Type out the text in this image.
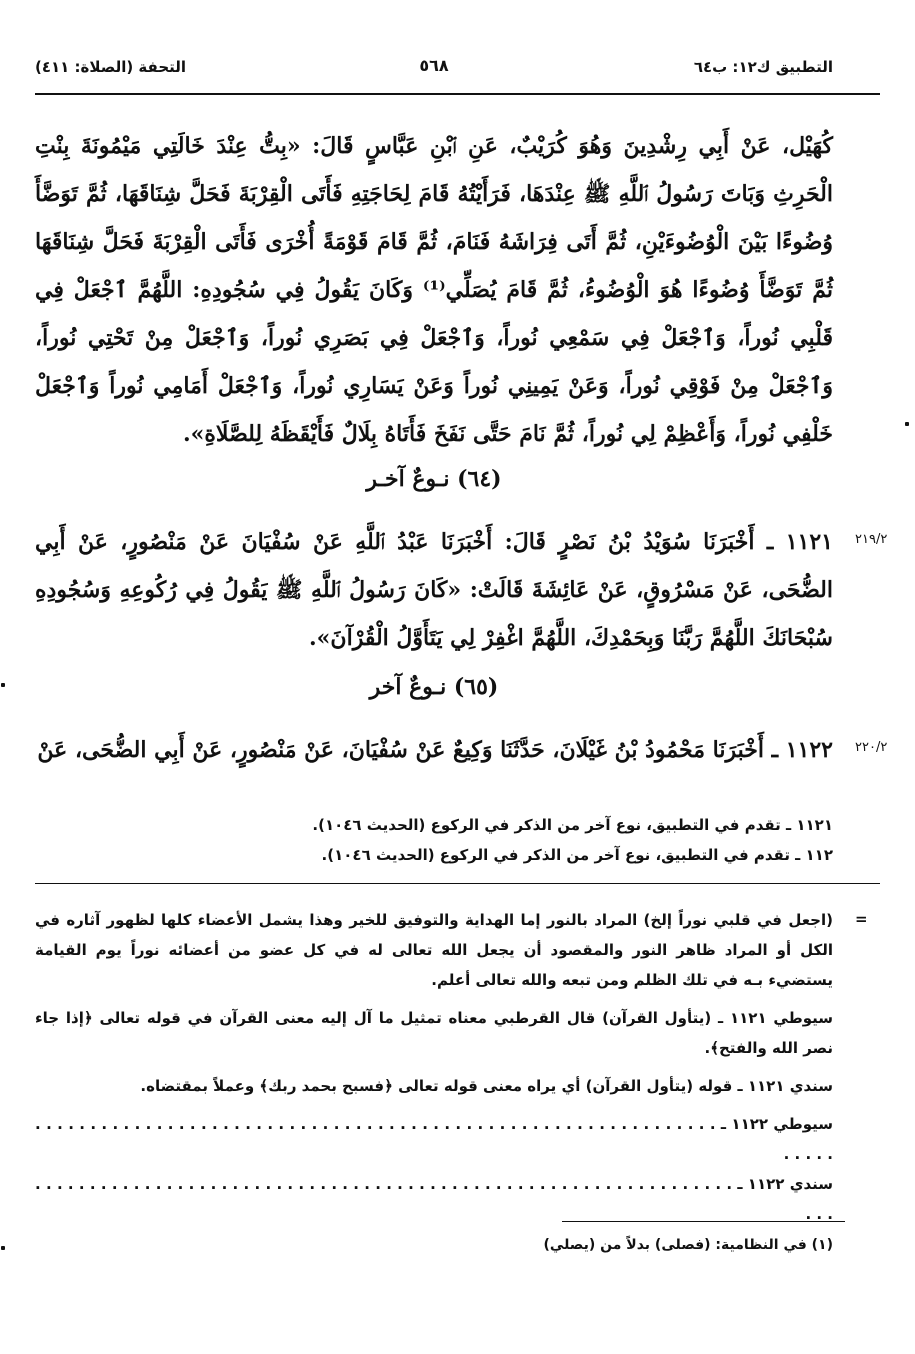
التطبيق ك١٢: ب٦٤
٥٦٨
التحفة (الصلاة: ٤١١)
كُهَيْل، عَنْ أَبِي رِشْدِينَ وَهُوَ كُرَيْبٌ، عَنِ ٱبْنِ عَبَّاسٍ قَالَ: «بِتُّ عِنْدَ خَالَتِي مَيْمُونَةَ بِنْتِ الْحَرِثِ وَبَاتَ رَسُولُ ٱللَّهِ ﷺ عِنْدَهَا، فَرَأَيْتُهُ قَامَ لِحَاجَتِهِ فَأَتَى الْقِرْبَةَ فَحَلَّ شِنَاقَهَا، ثُمَّ تَوَضَّأَ وُضُوءًا بَيْنَ الْوُضُوءَيْنِ، ثُمَّ أَتَى فِرَاشَهُ فَنَامَ، ثُمَّ قَامَ قَوْمَةً أُخْرَى فَأَتَى الْقِرْبَةَ فَحَلَّ شِنَاقَهَا ثُمَّ تَوَضَّأَ وُضُوءًا هُوَ الْوُضُوءُ، ثُمَّ قَامَ يُصَلِّي⁽¹⁾ وَكَانَ يَقُولُ فِي سُجُودِهِ: اللَّهُمَّ ٱجْعَلْ فِي قَلْبِي نُوراً، وَٱجْعَلْ فِي سَمْعِي نُوراً، وَٱجْعَلْ فِي بَصَرِي نُوراً، وَٱجْعَلْ مِنْ تَحْتِي نُوراً، وَٱجْعَلْ مِنْ فَوْقِي نُوراً، وَعَنْ يَمِينِي نُوراً وَعَنْ يَسَارِي نُوراً، وَٱجْعَلْ أَمَامِي نُوراً وَٱجْعَلْ خَلْفِي نُوراً، وَأَعْظِمْ لِي نُوراً، ثُمَّ نَامَ حَتَّى نَفَخَ فَأَتَاهُ بِلَالٌ فَأَيْقَظَهُ لِلصَّلَاةِ».
(٦٤) نـوعٌ آخـر
٢١٩/٢
١١٢١ ـ أَخْبَرَنَا سُوَيْدُ بْنُ نَصْرٍ قَالَ: أَخْبَرَنَا عَبْدُ ٱللَّهِ عَنْ سُفْيَانَ عَنْ مَنْصُورٍ، عَنْ أَبِي الضُّحَى، عَنْ مَسْرُوقٍ، عَنْ عَائِشَةَ قَالَتْ: «كَانَ رَسُولُ ٱللَّهِ ﷺ يَقُولُ فِي رُكُوعِهِ وَسُجُودِهِ سُبْحَانَكَ اللَّهُمَّ رَبَّنَا وَبِحَمْدِكَ، اللَّهُمَّ اغْفِرْ لِي يَتَأَوَّلُ الْقُرْآنَ».
(٦٥) نـوعٌ آخر
٢٢٠/٢
١١٢٢ ـ أَخْبَرَنَا مَحْمُودُ بْنُ غَيْلَانَ، حَدَّثَنَا وَكِيعٌ عَنْ سُفْيَانَ، عَنْ مَنْصُورٍ، عَنْ أَبِي الضُّحَى، عَنْ
١١٢١ ـ تقدم في التطبيق، نوع آخر من الذكر في الركوع (الحديث ١٠٤٦).
١١٢ ـ تقدم في التطبيق، نوع آخر من الذكر في الركوع (الحديث ١٠٤٦).
=

(اجعل في قلبي نوراً إلخ) المراد بالنور إما الهداية والتوفيق للخير وهذا يشمل الأعضاء كلها لظهور آثاره في الكل أو المراد ظاهر النور والمقصود أن يجعل الله تعالى له في كل عضو من أعضائه نوراً يوم القيامة يستضيء بـه في تلك الظلم ومن تبعه والله تعالى أعلم.

سيوطي ١١٢١ ـ (يتأول القرآن) قال القرطبي معناه تمثيل ما آل إليه معنى القرآن في قوله تعالى ﴿إذا جاء نصر الله والفتح﴾.

سندي ١١٢١ ـ قوله (يتأول القرآن) أي يراه معنى قوله تعالى ﴿فسبح بحمد ربك﴾ وعملاً بمقتضاه.

سيوطي ١١٢٢ ـ . . . . . . . . . . . . . . . . . . . . . . . . . . . . . . . . . . . . . . . . . . . . . . . . . . . . . . . . . . . . . . . . . . .
سندي ١١٢٢ ـ . . . . . . . . . . . . . . . . . . . . . . . . . . . . . . . . . . . . . . . . . . . . . . . . . . . . . . . . . . . . . . . . . . .
(١) في النظامية: (فصلى) بدلاً من (يصلي)
